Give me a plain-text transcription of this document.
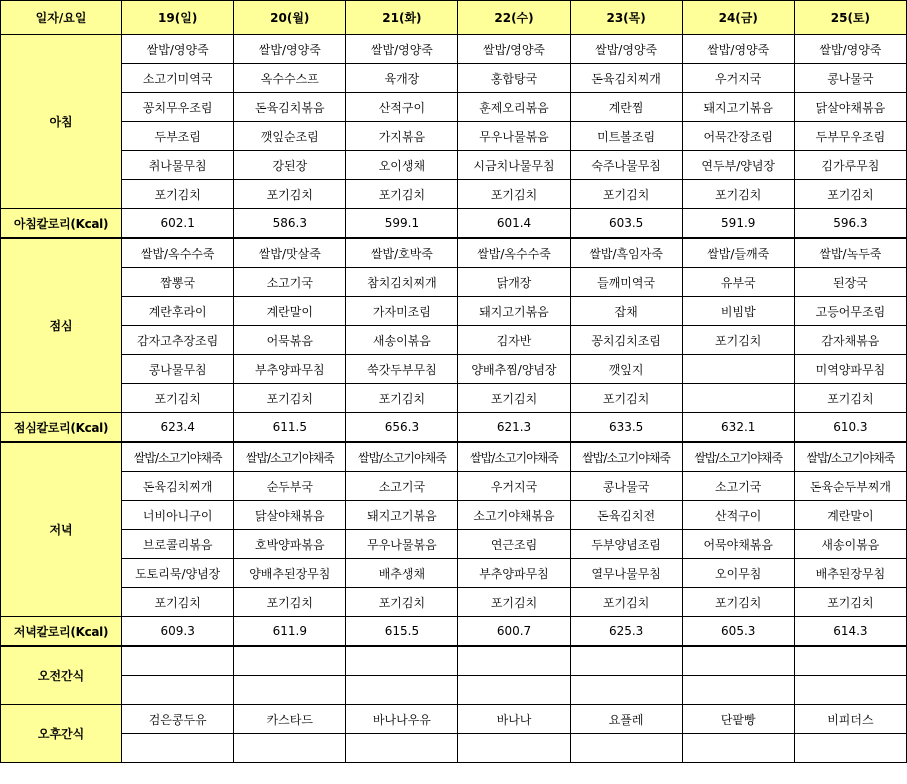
일자/요일	19(일)	20(월)	21(화)	22(수)	23(목)	24(금)	25(토)
아침	쌀밥/영양죽	쌀밥/영양죽	쌀밥/영양죽	쌀밥/영양죽	쌀밥/영양죽	쌀밥/영양죽	쌀밥/영양죽
	소고기미역국	옥수수스프	육개장	홍합탕국	돈육김치찌개	우거지국	콩나물국
	꽁치무우조림	돈육김치볶음	산적구이	훈제오리볶음	계란찜	돼지고기볶음	닭살야채볶음
	두부조림	깻잎순조림	가지볶음	무우나물볶음	미트볼조림	어묵간장조림	두부무우조림
	취나물무침	강된장	오이생채	시금치나물무침	숙주나물무침	연두부/양념장	김가루무침
	포기김치	포기김치	포기김치	포기김치	포기김치	포기김치	포기김치
아침칼로리(Kcal)	602.1	586.3	599.1	601.4	603.5	591.9	596.3
점심	쌀밥/옥수수죽	쌀밥/맛살죽	쌀밥/호박죽	쌀밥/옥수수죽	쌀밥/흑임자죽	쌀밥/들깨죽	쌀밥/녹두죽
	짬뽕국	소고기국	참치김치찌개	닭개장	들깨미역국	유부국	된장국
	계란후라이	계란말이	가자미조림	돼지고기볶음	잡채	비빔밥	고등어무조림
	감자고추장조림	어묵볶음	새송이볶음	김자반	꽁치김치조림	포기김치	감자채볶음
	콩나물무침	부추양파무침	쑥갓두부무침	양배추찜/양념장	깻잎지		미역양파무침
	포기김치	포기김치	포기김치	포기김치	포기김치		포기김치
점심칼로리(Kcal)	623.4	611.5	656.3	621.3	633.5	632.1	610.3
저녁	쌀밥/소고기야채죽	쌀밥/소고기야채죽	쌀밥/소고기야채죽	쌀밥/소고기야채죽	쌀밥/소고기야채죽	쌀밥/소고기야채죽	쌀밥/소고기야채죽
	돈육김치찌개	순두부국	소고기국	우거지국	콩나물국	소고기국	돈육순두부찌개
	너비아니구이	닭살야채볶음	돼지고기볶음	소고기야채볶음	돈육김치전	산적구이	계란말이
	브로콜리볶음	호박양파볶음	무우나물볶음	연근조림	두부양념조림	어묵야채볶음	새송이볶음
	도토리묵/양념장	양배추된장무침	배추생채	부추양파무침	열무나물무침	오이무침	배추된장무침
	포기김치	포기김치	포기김치	포기김치	포기김치	포기김치	포기김치
저녁칼로리(Kcal)	609.3	611.9	615.5	600.7	625.3	605.3	614.3
오전간식							

오후간식	검은콩두유	카스타드	바나나우유	바나나	요플레	단팥빵	비피더스
